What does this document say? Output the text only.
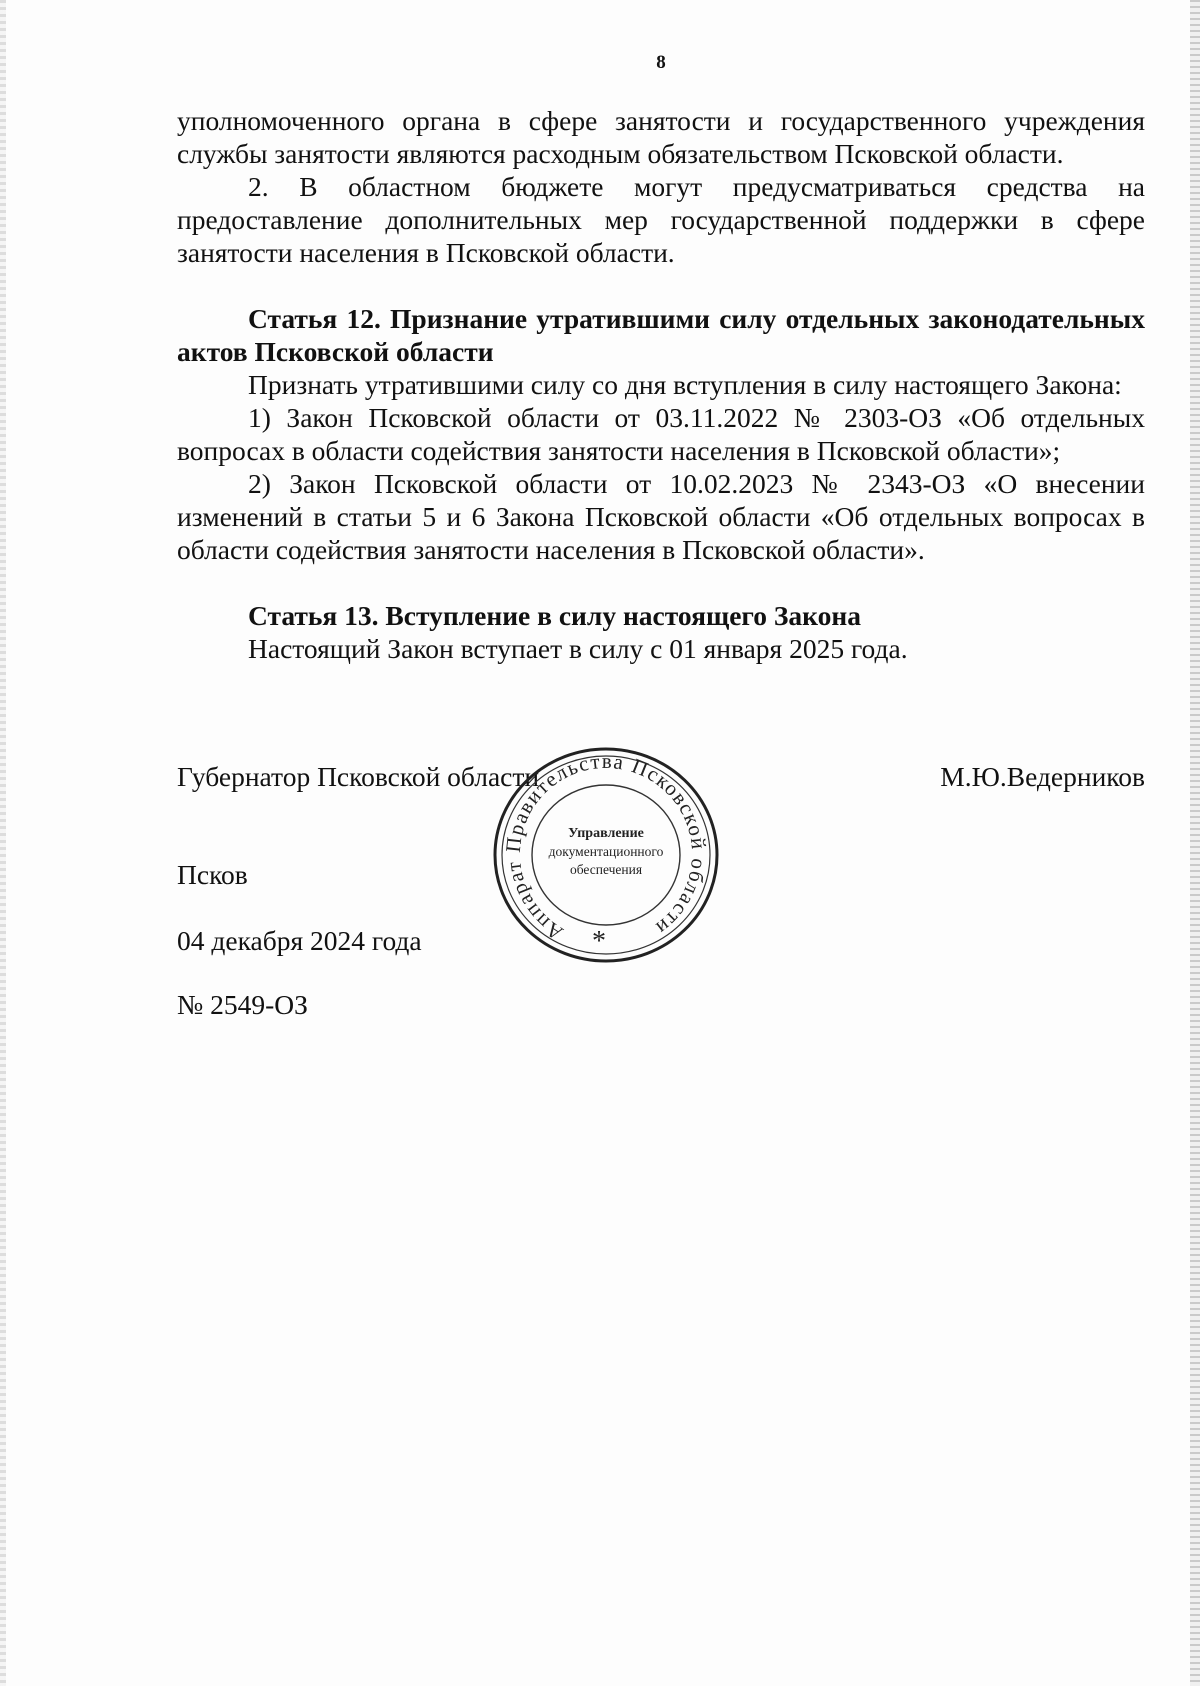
8

уполномоченного органа в сфере занятости и государственного учреждения службы занятости являются расходным обязательством Псковской области.

2. В областном бюджете могут предусматриваться средства на предоставление дополнительных мер государственной поддержки в сфере занятости населения в Псковской области.

Статья 12. Признание утратившими силу отдельных законодательных актов Псковской области

Признать утратившими силу со дня вступления в силу настоящего Закона:

1) Закон Псковской области от 03.11.2022 № 2303-ОЗ «Об отдельных вопросах в области содействия занятости населения в Псковской области»;

2) Закон Псковской области от 10.02.2023 № 2343-ОЗ «О внесении изменений в статьи 5 и 6 Закона Псковской области «Об отдельных вопросах в области содействия занятости населения в Псковской области».

Статья 13. Вступление в силу настоящего Закона

Настоящий Закон вступает в силу с 01 января 2025 года.

Губернатор Псковской области	М.Ю.Ведерников
Псков
04 декабря 2024 года
№ 2549-ОЗ
Аппарат Правительства Псковской области
Управление
документационного
обеспечения
*
